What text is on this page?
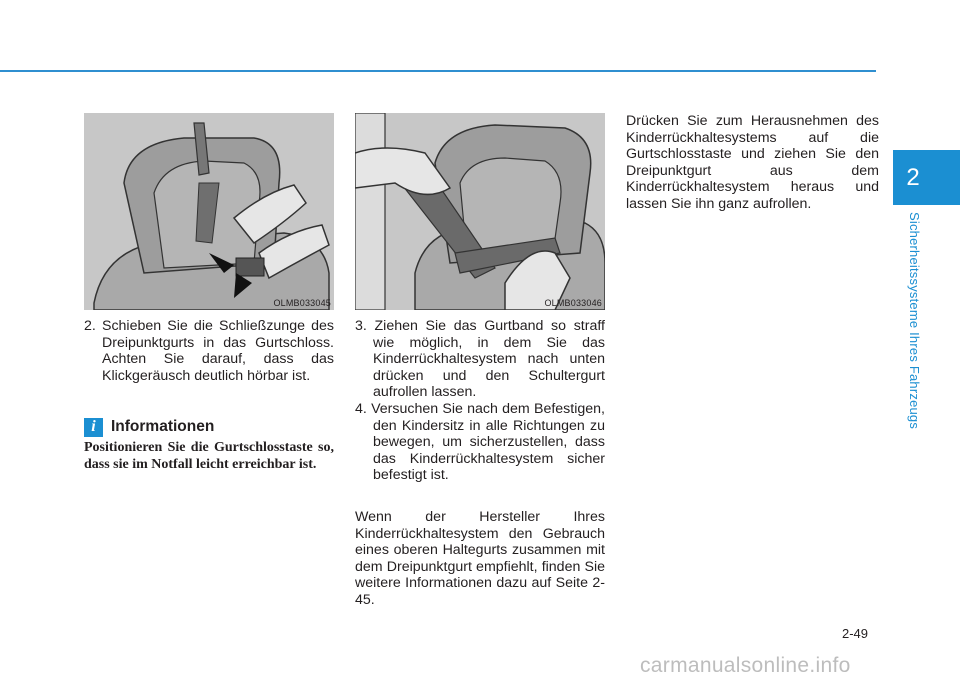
2
Sicherheitssysteme Ihres Fahrzeugs
OLMB033045	OLMB033046
2. Schieben Sie die Schließzunge des Dreipunktgurts in das Gurtschloss. Achten Sie darauf, dass das Klickgeräusch deutlich hörbar ist.
i Informationen
Positionieren Sie die Gurtschlosstaste so, dass sie im Notfall leicht erreichbar ist.
3. Ziehen Sie das Gurtband so straff wie möglich, in dem Sie das Kinderrückhaltesystem nach unten drücken und den Schultergurt aufrollen lassen.
4. Versuchen Sie nach dem Befestigen, den Kindersitz in alle Richtungen zu bewegen, um sicherzustellen, dass das Kinderrückhaltesystem sicher befestigt ist.
Wenn der Hersteller Ihres Kinderrückhaltesystem den Gebrauch eines oberen Haltegurts zusammen mit dem Dreipunktgurt empfiehlt, finden Sie weitere Informationen dazu auf Seite 2-45.
Drücken Sie zum Herausnehmen des Kinderrückhaltesystems auf die Gurtschlosstaste und ziehen Sie den Dreipunktgurt aus dem Kinderrückhaltesystem heraus und lassen Sie ihn ganz aufrollen.
2-49
carmanualsonline.info
